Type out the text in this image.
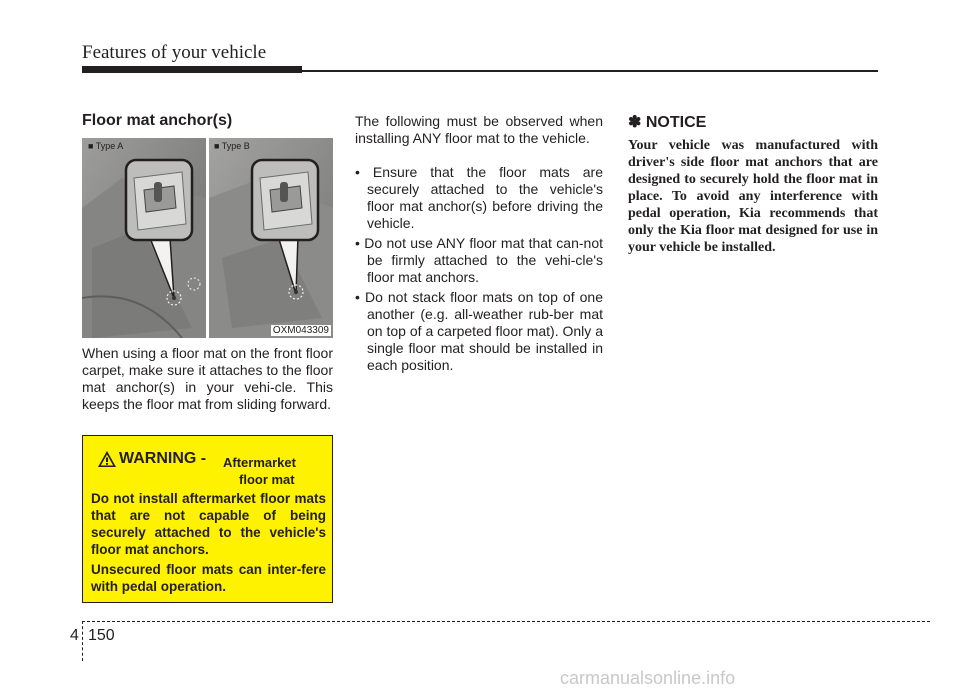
Features of your vehicle
Floor mat anchor(s)
■ Type A	■ Type B
OXM043309
When using a floor mat on the front floor carpet, make sure it attaches to the floor mat anchor(s) in your vehi-cle. This keeps the floor mat from sliding forward.
WARNING - Aftermarket
floor mat
Do not install aftermarket floor mats that are not capable of being securely attached to the vehicle's floor mat anchors.
Unsecured floor mats can inter-fere with pedal operation.
The following must be observed when installing ANY floor mat to the vehicle.
• Ensure that the floor mats are securely attached to the vehicle's floor mat anchor(s) before driving the vehicle.
• Do not use ANY floor mat that can-not be firmly attached to the vehi-cle's floor mat anchors.
• Do not stack floor mats on top of one another (e.g. all-weather rub-ber mat on top of a carpeted floor mat). Only a single floor mat should be installed in each position.
✽ NOTICE
Your vehicle was manufactured with driver's side floor mat anchors that are designed to securely hold the floor mat in place. To avoid any interference with pedal operation, Kia recommends that only the Kia floor mat designed for use in your vehicle be installed.
4 150
carmanualsonline.info
